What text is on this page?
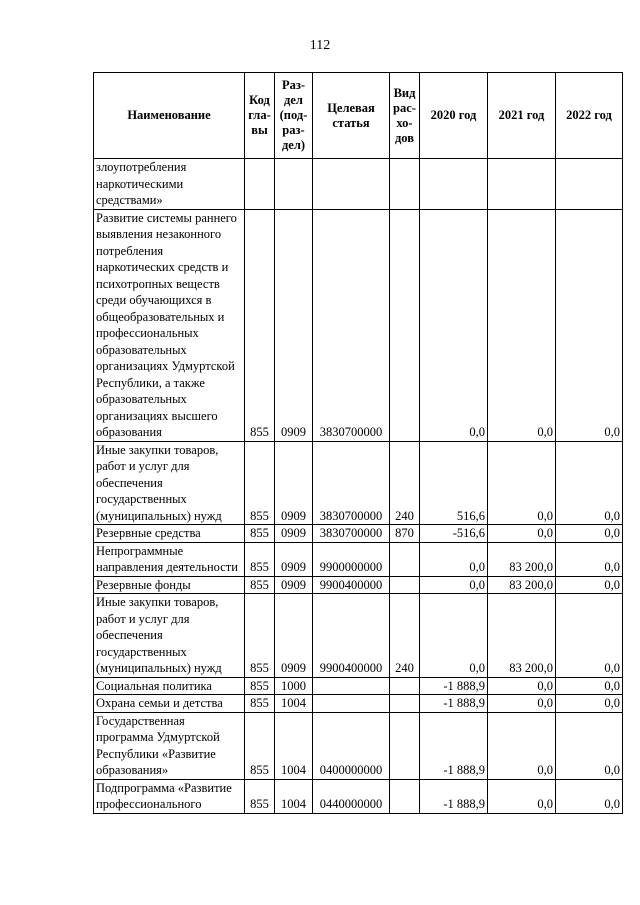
112
Наименование	Код гла-вы	Раз-дел (под-раз-дел)	Целевая статья	Вид рас-хо-дов	2020 год	2021 год	2022 год
злоупотребления наркотическими средствами»							
Развитие системы раннего выявления незаконного потребления наркотических средств и психотропных веществ среди обучающихся в общеобразовательных и профессиональных образовательных организациях Удмуртской Республики, а также образовательных организациях высшего образования	855	0909	3830700000		0,0	0,0	0,0
Иные закупки товаров, работ и услуг для обеспечения государственных (муниципальных) нужд	855	0909	3830700000	240	516,6	0,0	0,0
Резервные средства	855	0909	3830700000	870	-516,6	0,0	0,0
Непрограммные направления деятельности	855	0909	9900000000		0,0	83 200,0	0,0
Резервные фонды	855	0909	9900400000		0,0	83 200,0	0,0
Иные закупки товаров, работ и услуг для обеспечения государственных (муниципальных) нужд	855	0909	9900400000	240	0,0	83 200,0	0,0
Социальная политика	855	1000			-1 888,9	0,0	0,0
Охрана семьи и детства	855	1004			-1 888,9	0,0	0,0
Государственная программа Удмуртской Республики «Развитие образования»	855	1004	0400000000		-1 888,9	0,0	0,0
Подпрограмма «Развитие профессионального	855	1004	0440000000		-1 888,9	0,0	0,0
